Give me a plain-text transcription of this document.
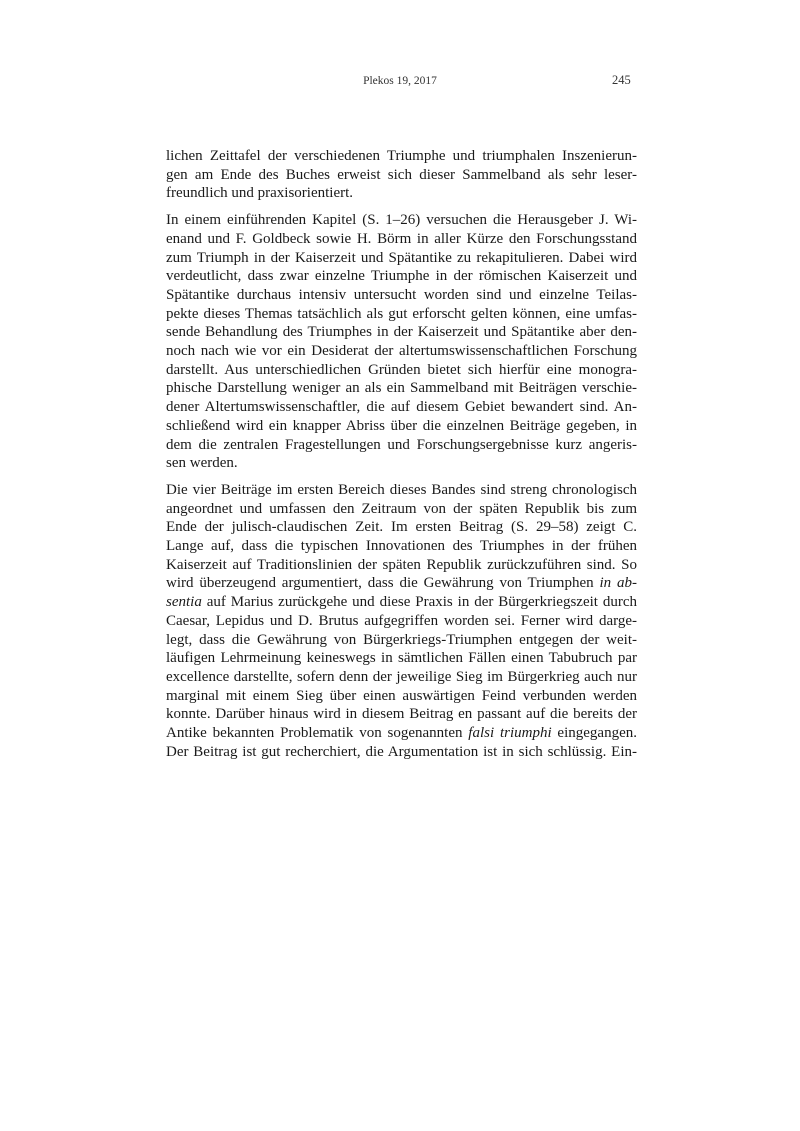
Plekos 19, 2017	245
lichen Zeittafel der verschiedenen Triumphe und triumphalen Inszenierun-
gen am Ende des Buches erweist sich dieser Sammelband als sehr leser-
freundlich und praxisorientiert.
In einem einführenden Kapitel (S. 1–26) versuchen die Herausgeber J. Wi-
enand und F. Goldbeck sowie H. Börm in aller Kürze den Forschungsstand
zum Triumph in der Kaiserzeit und Spätantike zu rekapitulieren. Dabei wird
verdeutlicht, dass zwar einzelne Triumphe in der römischen Kaiserzeit und
Spätantike durchaus intensiv untersucht worden sind und einzelne Teilas-
pekte dieses Themas tatsächlich als gut erforscht gelten können, eine umfas-
sende Behandlung des Triumphes in der Kaiserzeit und Spätantike aber den-
noch nach wie vor ein Desiderat der altertumswissenschaftlichen Forschung
darstellt. Aus unterschiedlichen Gründen bietet sich hierfür eine monogra-
phische Darstellung weniger an als ein Sammelband mit Beiträgen verschie-
dener Altertumswissenschaftler, die auf diesem Gebiet bewandert sind. An-
schließend wird ein knapper Abriss über die einzelnen Beiträge gegeben, in
dem die zentralen Fragestellungen und Forschungsergebnisse kurz angeris-
sen werden.
Die vier Beiträge im ersten Bereich dieses Bandes sind streng chronologisch
angeordnet und umfassen den Zeitraum von der späten Republik bis zum
Ende der julisch-claudischen Zeit. Im ersten Beitrag (S. 29–58) zeigt C.
Lange auf, dass die typischen Innovationen des Triumphes in der frühen
Kaiserzeit auf Traditionslinien der späten Republik zurückzuführen sind. So
wird überzeugend argumentiert, dass die Gewährung von Triumphen in ab-
sentia auf Marius zurückgehe und diese Praxis in der Bürgerkriegszeit durch
Caesar, Lepidus und D. Brutus aufgegriffen worden sei. Ferner wird darge-
legt, dass die Gewährung von Bürgerkriegs-Triumphen entgegen der weit-
läufigen Lehrmeinung keineswegs in sämtlichen Fällen einen Tabubruch par
excellence darstellte, sofern denn der jeweilige Sieg im Bürgerkrieg auch nur
marginal mit einem Sieg über einen auswärtigen Feind verbunden werden
konnte. Darüber hinaus wird in diesem Beitrag en passant auf die bereits der
Antike bekannten Problematik von sogenannten falsi triumphi eingegangen.
Der Beitrag ist gut recherchiert, die Argumentation ist in sich schlüssig. Ein-
